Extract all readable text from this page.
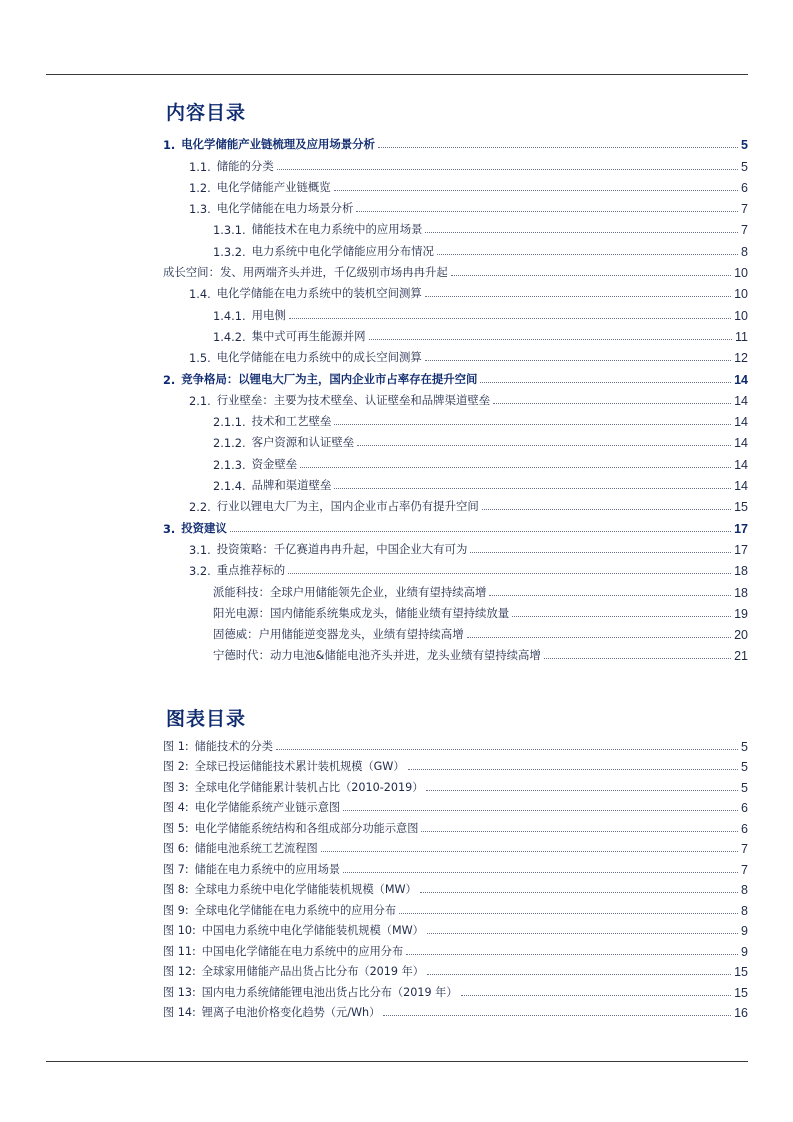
内容目录
1. 电化学储能产业链梳理及应用场景分析	5
1.1. 储能的分类	5
1.2. 电化学储能产业链概览	6
1.3. 电化学储能在电力场景分析	7
1.3.1. 储能技术在电力系统中的应用场景	7
1.3.2. 电力系统中电化学储能应用分布情况	8
成长空间：发、用两端齐头并进，千亿级别市场冉冉升起	10
1.4. 电化学储能在电力系统中的装机空间测算	10
1.4.1. 用电侧	10
1.4.2. 集中式可再生能源并网	11
1.5. 电化学储能在电力系统中的成长空间测算	12
2. 竞争格局：以锂电大厂为主，国内企业市占率存在提升空间	14
2.1. 行业壁垒：主要为技术壁垒、认证壁垒和品牌渠道壁垒	14
2.1.1. 技术和工艺壁垒	14
2.1.2. 客户资源和认证壁垒	14
2.1.3. 资金壁垒	14
2.1.4. 品牌和渠道壁垒	14
2.2. 行业以锂电大厂为主，国内企业市占率仍有提升空间	15
3. 投资建议	17
3.1. 投资策略：千亿赛道冉冉升起，中国企业大有可为	17
3.2. 重点推荐标的	18
派能科技：全球户用储能领先企业，业绩有望持续高增	18
阳光电源：国内储能系统集成龙头，储能业绩有望持续放量	19
固德威：户用储能逆变器龙头，业绩有望持续高增	20
宁德时代：动力电池&储能电池齐头并进，龙头业绩有望持续高增	21
图表目录
图 1: 储能技术的分类	5
图 2: 全球已投运储能技术累计装机规模（GW）	5
图 3: 全球电化学储能累计装机占比（2010-2019）	5
图 4: 电化学储能系统产业链示意图	6
图 5: 电化学储能系统结构和各组成部分功能示意图	6
图 6: 储能电池系统工艺流程图	7
图 7: 储能在电力系统中的应用场景	7
图 8: 全球电力系统中电化学储能装机规模（MW）	8
图 9: 全球电化学储能在电力系统中的应用分布	8
图 10: 中国电力系统中电化学储能装机规模（MW）	9
图 11: 中国电化学储能在电力系统中的应用分布	9
图 12: 全球家用储能产品出货占比分布（2019 年）	15
图 13: 国内电力系统储能锂电池出货占比分布（2019 年）	15
图 14: 锂离子电池价格变化趋势（元/Wh）	16
